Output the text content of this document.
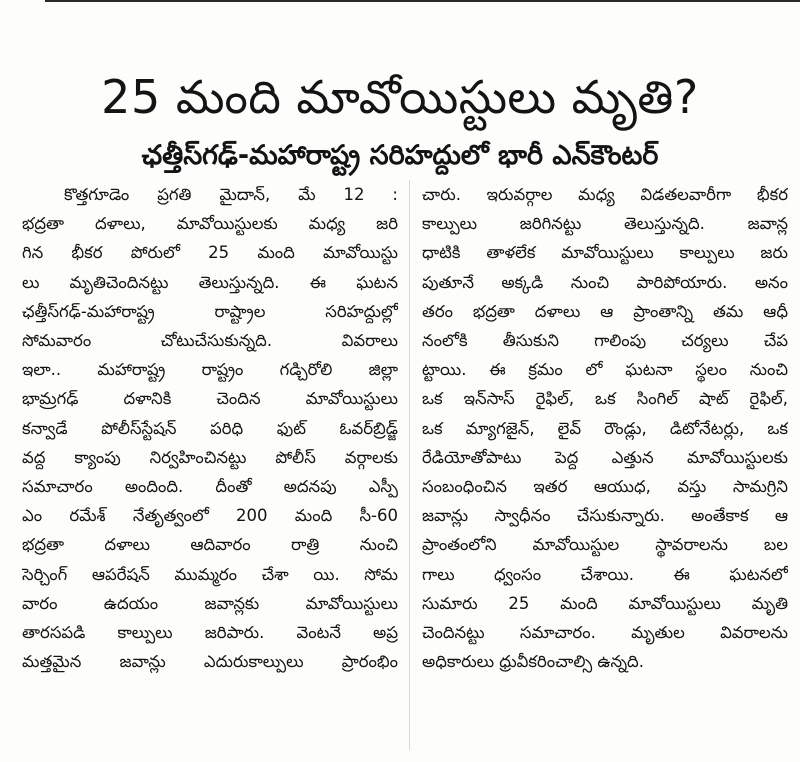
25 మంది మావోయిస్టులు మృతి?
ఛత్తీస్‌గఢ్‌-మహారాష్ట్ర సరిహద్దులో భారీ ఎన్‌కౌంటర్‌
కొత్తగూడెం ప్రగతి మైదాన్‌, మే 12 :
భద్రతా దళాలు, మావోయిస్టులకు మధ్య జరి
గిన భీకర పోరులో 25 మంది మావోయిస్టు
లు మృతిచెందినట్టు తెలుస్తున్నది. ఈ ఘటన
ఛత్తీస్‌గఢ్‌-మహారాష్ట్ర రాష్ట్రాల సరిహద్దుల్లో
సోమవారం చోటుచేసుకున్నది. వివరాలు
ఇలా.. మహారాష్ట్ర రాష్ట్రం గడ్చిరోలి జిల్లా
భామ్రగఢ్‌ దళానికి చెందిన మావోయిస్టులు
కన్వాడే పోలీస్‌స్టేషన్‌ పరిధి ఫుట్‌ ఓవర్‌బ్రిడ్జ్‌
వద్ద క్యాంపు నిర్వహించినట్టు పోలీస్‌ వర్గాలకు
సమాచారం అందింది. దీంతో అదనపు ఎస్పీ
ఎం రమేశ్‌ నేతృత్వంలో 200 మంది సీ-60
భద్రతా దళాలు ఆదివారం రాత్రి నుంచి
సెర్చింగ్‌ ఆపరేషన్‌ ముమ్మరం చేశా యి. సోమ
వారం ఉదయం జవాన్లకు మావోయిస్టులు
తారసపడి కాల్పులు జరిపారు. వెంటనే అప్ర
మత్తమైన జవాన్లు ఎదురుకాల్పులు ప్రారంభిం
చారు. ఇరువర్గాల మధ్య విడతలవారీగా భీకర
కాల్పులు జరిగినట్టు తెలుస్తున్నది. జవాన్ల
ధాటికి తాళలేక మావోయిస్టులు కాల్పులు జరు
పుతూనే అక్కడి నుంచి పారిపోయారు. అనం
తరం భద్రతా దళాలు ఆ ప్రాంతాన్ని తమ ఆధీ
నంలోకి తీసుకుని గాలింపు చర్యలు చేప
ట్టాయి. ఈ క్రమం లో ఘటనా స్థలం నుంచి
ఒక ఇన్‌సాస్‌ రైఫిల్‌, ఒక సింగిల్‌ షాట్‌ రైఫిల్‌,
ఒక మ్యాగజైన్‌, లైవ్‌ రౌండ్లు, డిటోనేటర్లు, ఒక
రేడియోతోపాటు పెద్ద ఎత్తున మావోయిస్టులకు
సంబంధించిన ఇతర ఆయుధ, వస్తు సామగ్రిని
జవాన్లు స్వాధీనం చేసుకున్నారు. అంతేకాక ఆ
ప్రాంతంలోని మావోయిస్టుల స్థావరాలను బల
గాలు ధ్వంసం చేశాయి. ఈ ఘటనలో
సుమారు 25 మంది మావోయిస్టులు మృతి
చెందినట్టు సమాచారం. మృతుల వివరాలను
అధికారులు ధ్రువీకరించాల్సి ఉన్నది.
